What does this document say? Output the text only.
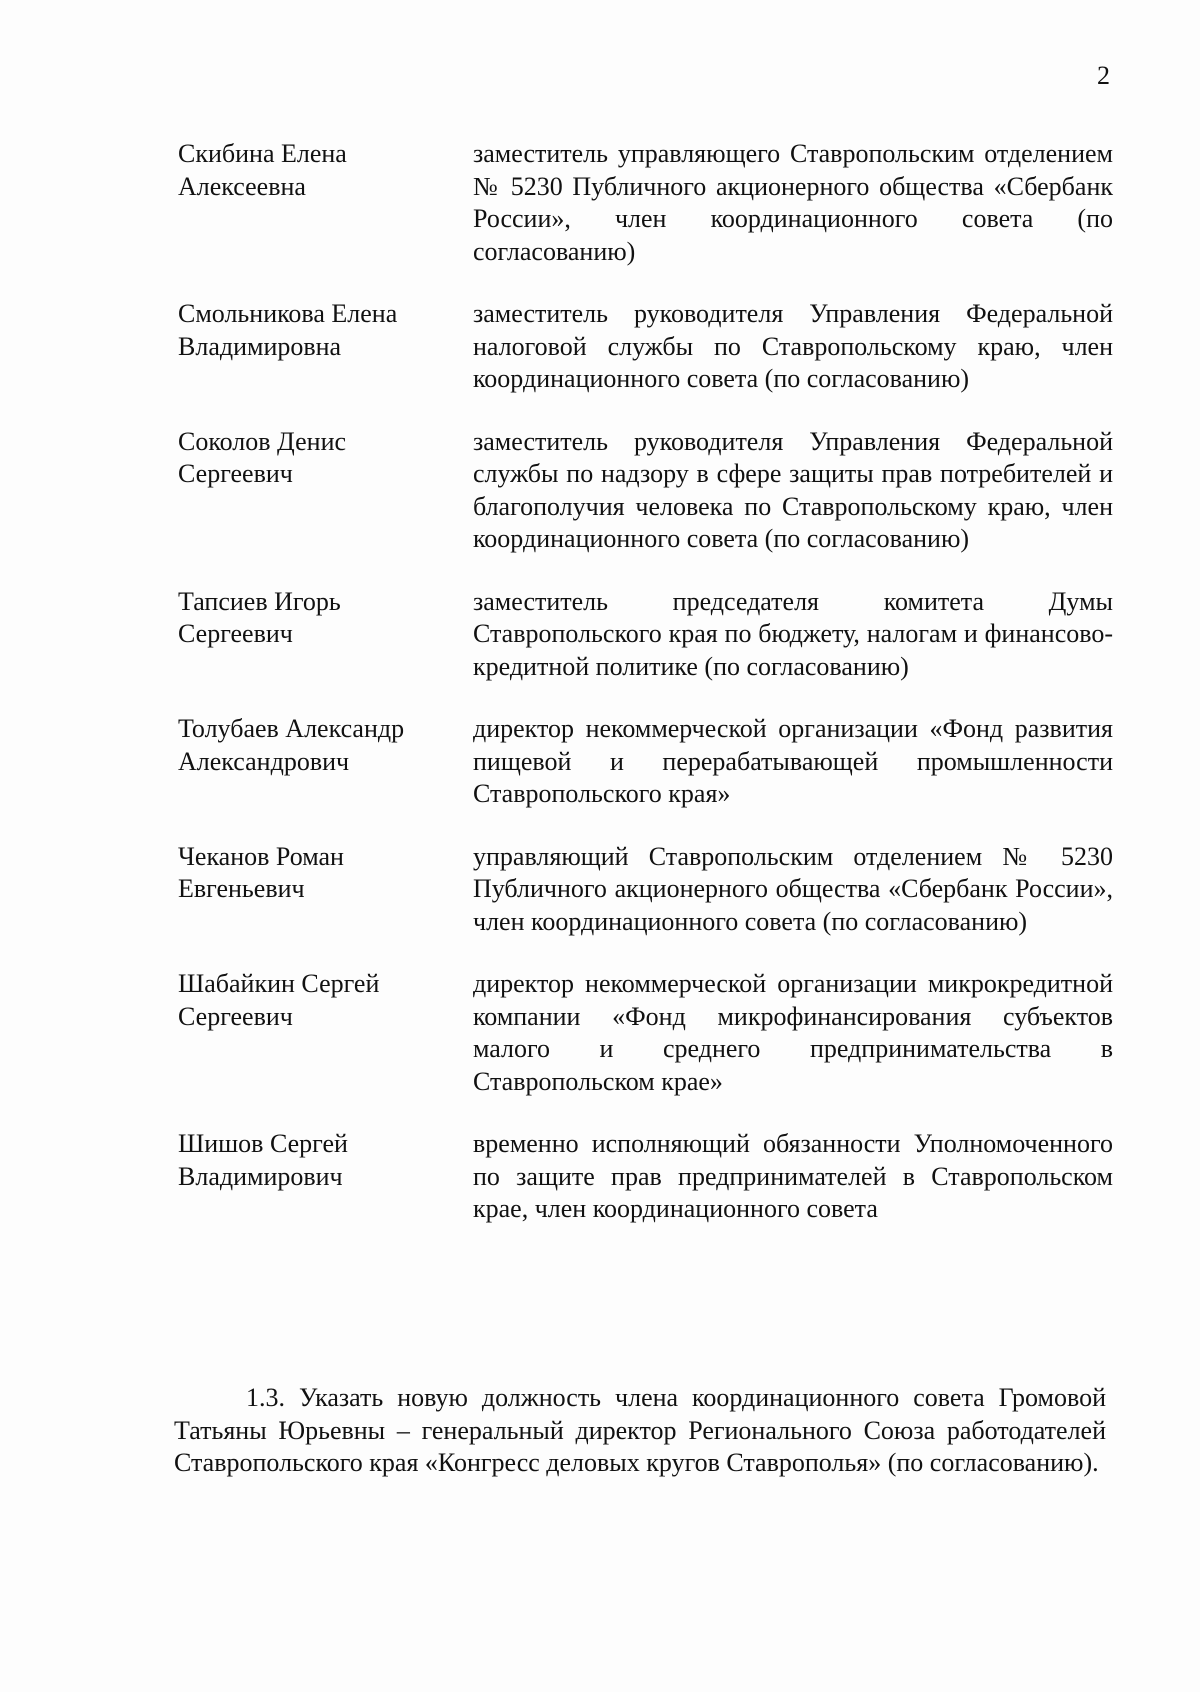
2
Скибина Елена
Алексеевна
заместитель управляющего Ставропольским отделением № 5230 Публичного акционерного общества «Сбербанк России», член координационного совета (по согласованию)
Смольникова Елена
Владимировна
заместитель руководителя Управления Федеральной налоговой службы по Ставропольскому краю, член координационного совета (по согласованию)
Соколов Денис
Сергеевич
заместитель руководителя Управления Федеральной службы по надзору в сфере защиты прав потребителей и благополучия человека по Ставропольскому краю, член координационного совета (по согласованию)
Тапсиев Игорь
Сергеевич
заместитель председателя комитета Думы Ставропольского края по бюджету, налогам и финансово-кредитной политике (по согласованию)
Толубаев Александр
Александрович
директор некоммерческой организации «Фонд развития пищевой и перерабатывающей промышленности Ставропольского края»
Чеканов Роман
Евгеньевич
управляющий Ставропольским отделением № 5230 Публичного акционерного общества «Сбербанк России», член координационного совета (по согласованию)
Шабайкин Сергей
Сергеевич
директор некоммерческой организации микрокредитной компании «Фонд микрофинансирования субъектов малого и среднего предпринимательства в Ставропольском крае»
Шишов Сергей
Владимирович
временно исполняющий обязанности Уполномоченного по защите прав предпринимателей в Ставропольском крае, член координационного совета
1.3. Указать новую должность члена координационного совета Громовой Татьяны Юрьевны – генеральный директор Регионального Союза работодателей Ставропольского края «Конгресс деловых кругов Ставрополья» (по согласованию).
